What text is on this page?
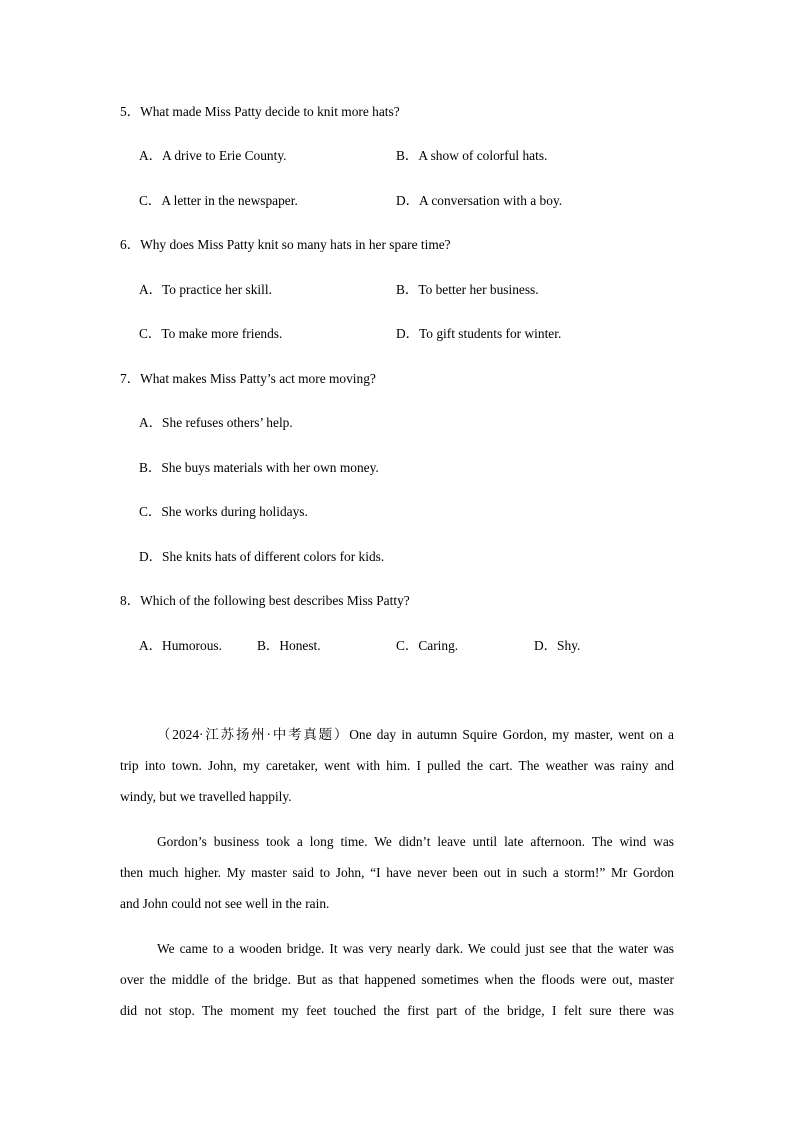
5．What made Miss Patty decide to knit more hats?
A．A drive to Erie County.	B．A show of colorful hats.
C．A letter in the newspaper.	D．A conversation with a boy.
6．Why does Miss Patty knit so many hats in her spare time?
A．To practice her skill.	B．To better her business.
C．To make more friends.	D．To gift students for winter.
7．What makes Miss Patty’s act more moving?
A．She refuses others’ help.
B．She buys materials with her own money.
C．She works during holidays.
D．She knits hats of different colors for kids.
8．Which of the following best describes Miss Patty?
A．Humorous.	B．Honest.	C．Caring.	D．Shy.
（2024·江苏扬州·中考真题）One day in autumn Squire Gordon, my master, went on a
trip into town. John, my caretaker, went with him. I pulled the cart. The weather was rainy and
windy, but we travelled happily.
Gordon’s business took a long time. We didn’t leave until late afternoon. The wind was
then much higher. My master said to John, “I have never been out in such a storm!” Mr Gordon
and John could not see well in the rain.
We came to a wooden bridge. It was very nearly dark. We could just see that the water was
over the middle of the bridge. But as that happened sometimes when the floods were out, master
did not stop. The moment my feet touched the first part of the bridge, I felt sure there was
